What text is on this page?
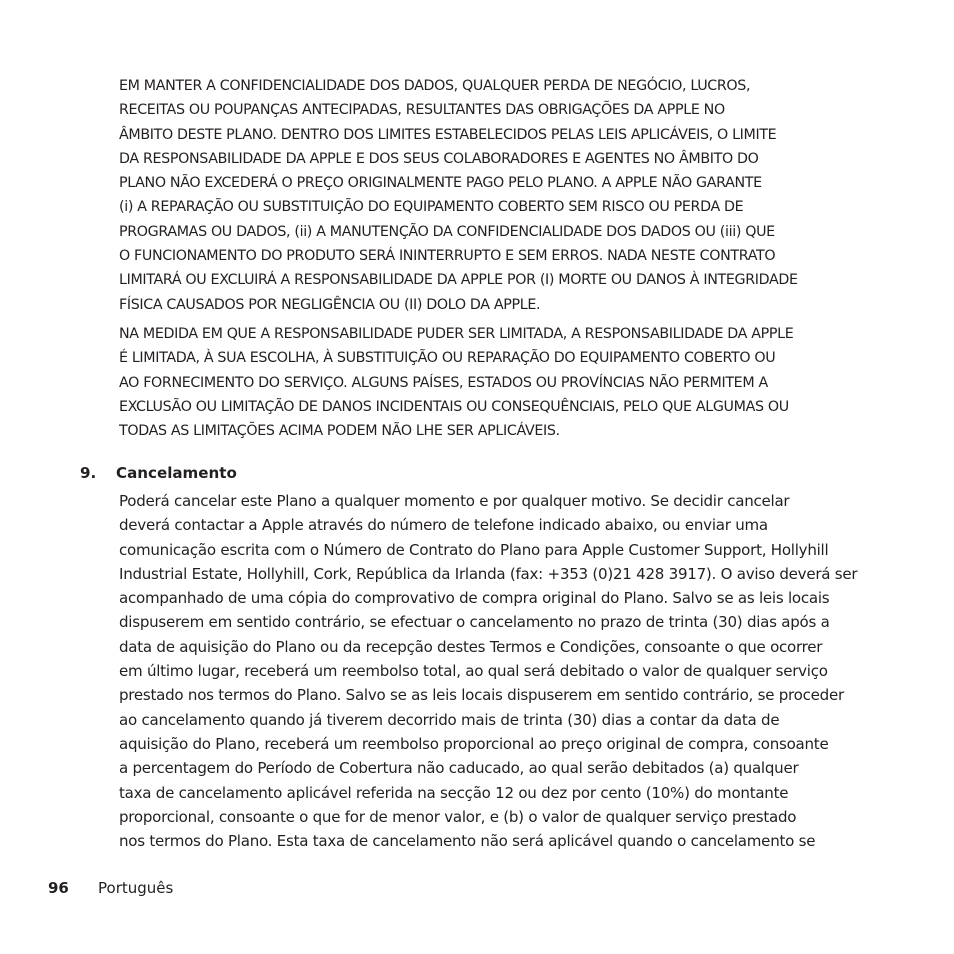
EM MANTER A CONFIDENCIALIDADE DOS DADOS, QUALQUER PERDA DE NEGÓCIO, LUCROS,
RECEITAS OU POUPANÇAS ANTECIPADAS, RESULTANTES DAS OBRIGAÇÕES DA APPLE NO
ÂMBITO DESTE PLANO. DENTRO DOS LIMITES ESTABELECIDOS PELAS LEIS APLICÁVEIS, O LIMITE
DA RESPONSABILIDADE DA APPLE E DOS SEUS COLABORADORES E AGENTES NO ÂMBITO DO
PLANO NÃO EXCEDERÁ O PREÇO ORIGINALMENTE PAGO PELO PLANO. A APPLE NÃO GARANTE
(i) A REPARAÇÃO OU SUBSTITUIÇÃO DO EQUIPAMENTO COBERTO SEM RISCO OU PERDA DE
PROGRAMAS OU DADOS, (ii) A MANUTENÇÃO DA CONFIDENCIALIDADE DOS DADOS OU (iii) QUE
O FUNCIONAMENTO DO PRODUTO SERÁ ININTERRUPTO E SEM ERROS. NADA NESTE CONTRATO
LIMITARÁ OU EXCLUIRÁ A RESPONSABILIDADE DA APPLE POR (I) MORTE OU DANOS À INTEGRIDADE
FÍSICA CAUSADOS POR NEGLIGÊNCIA OU (II) DOLO DA APPLE.
NA MEDIDA EM QUE A RESPONSABILIDADE PUDER SER LIMITADA, A RESPONSABILIDADE DA APPLE
É LIMITADA, À SUA ESCOLHA, À SUBSTITUIÇÃO OU REPARAÇÃO DO EQUIPAMENTO COBERTO OU
AO FORNECIMENTO DO SERVIÇO. ALGUNS PAÍSES, ESTADOS OU PROVÍNCIAS NÃO PERMITEM A
EXCLUSÃO OU LIMITAÇÃO DE DANOS INCIDENTAIS OU CONSEQUÊNCIAIS, PELO QUE ALGUMAS OU
TODAS AS LIMITAÇÕES ACIMA PODEM NÃO LHE SER APLICÁVEIS.
9. Cancelamento
Poderá cancelar este Plano a qualquer momento e por qualquer motivo. Se decidir cancelar
deverá contactar a Apple através do número de telefone indicado abaixo, ou enviar uma
comunicação escrita com o Número de Contrato do Plano para Apple Customer Support, Hollyhill
Industrial Estate, Hollyhill, Cork, República da Irlanda (fax: +353 (0)21 428 3917). O aviso deverá ser
acompanhado de uma cópia do comprovativo de compra original do Plano. Salvo se as leis locais
dispuserem em sentido contrário, se efectuar o cancelamento no prazo de trinta (30) dias após a
data de aquisição do Plano ou da recepção destes Termos e Condições, consoante o que ocorrer
em último lugar, receberá um reembolso total, ao qual será debitado o valor de qualquer serviço
prestado nos termos do Plano. Salvo se as leis locais dispuserem em sentido contrário, se proceder
ao cancelamento quando já tiverem decorrido mais de trinta (30) dias a contar da data de
aquisição do Plano, receberá um reembolso proporcional ao preço original de compra, consoante
a percentagem do Período de Cobertura não caducado, ao qual serão debitados (a) qualquer
taxa de cancelamento aplicável referida na secção 12 ou dez por cento (10%) do montante
proporcional, consoante o que for de menor valor, e (b) o valor de qualquer serviço prestado
nos termos do Plano. Esta taxa de cancelamento não será aplicável quando o cancelamento se
96 Português
